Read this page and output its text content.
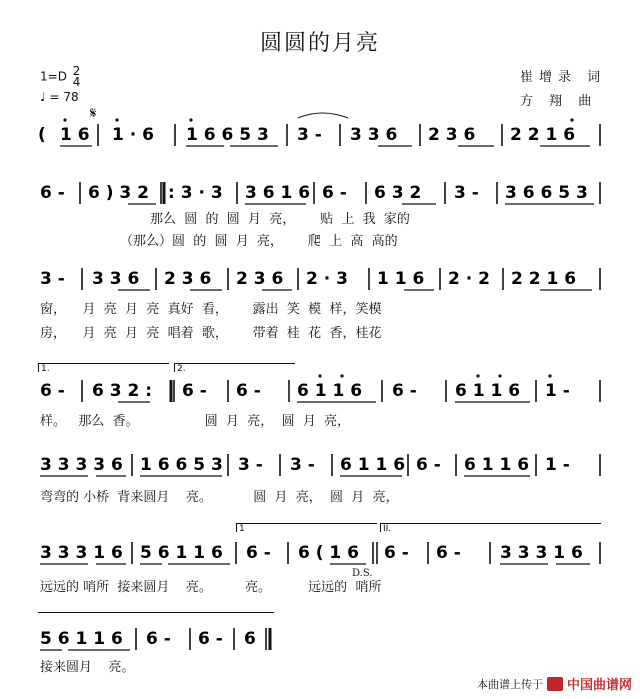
圆圆的月亮
1=D 2
4
♩ = 78
崔增录 词
方 翔 曲
𝄋
( 1 6 1 · 6 1 6 6 5 3 3 - 3 3 6 2 3 6 2 2 1 6
6 - 6 ) 3 2 : 3 · 3 3 6 1 6 6 - 6 3 2 3 - 3 6 6 5 3
那么  圆  的  圆  月  亮，      贴  上  我  家的
（那么）圆  的  圆  月  亮，      爬  上  高  高的
3 - 3 3 6 2 3 6 2 3 6 2 · 3 1 1 6 2 · 2 2 2 1 6
窗，    月  亮  月  亮  真好  看，      露出  笑  模  样，笑模
房，    月  亮  月  亮  唱着  歌，      带着  桂  花  香，桂花
1.	2.
6 - 6 3 2 : 6 - 6 - 6 1 1 6 6 - 6 1 1 6 1 -
样。   那么  香。                圆  月  亮，  圆  月  亮，
3 3 3 3 6 1 6 6 5 3 3 - 3 - 6 1 1 6 6 - 6 1 1 6 1 -
弯弯的 小桥  背来圆月    亮。          圆  月  亮，  圆  月  亮，
1	II.
3 3 3 1 6 5 6 1 1 6 6 - 6 ( 1 6 6 - 6 - 3 3 3 1 6
D.S.
远远的 哨所  接来圆月    亮。        亮。         远远的  哨所
5 6 1 1 6 6 - 6 - 6
接来圆月    亮。
本曲谱上传于 中国曲谱网
